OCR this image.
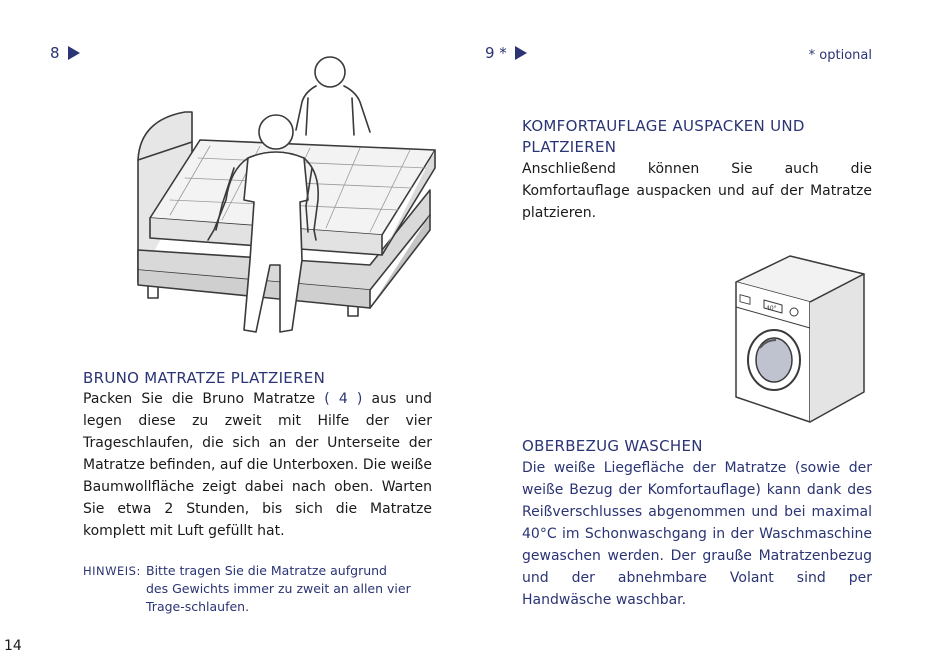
8
BRUNO MATRATZE PLATZIEREN
Packen Sie die Bruno Matratze ( 4 ) aus und legen diese zu zweit mit Hilfe der vier Trageschlaufen, die sich an der Unterseite der Matratze befinden, auf die Unterboxen. Die weiße Baumwollfläche zeigt dabei nach oben. Warten Sie etwa 2 Stunden, bis sich die Matratze komplett mit Luft gefüllt hat.
HINWEIS: Bitte tragen Sie die Matratze aufgrund des Gewichts immer zu zweit an allen vier Trage-schlaufen.
14
9 *	* optional
KOMFORTAUFLAGE AUSPACKEN UND PLATZIEREN
Anschließend können Sie auch die Komfortauflage auspacken und auf der Matratze platzieren.
40°
OBERBEZUG WASCHEN
Die weiße Liegefläche der Matratze (sowie der weiße Bezug der Komfortauflage) kann dank des Reißverschlusses abgenommen und bei maximal 40°C im Schonwaschgang in der Waschmaschine gewaschen werden. Der grauße Matratzenbezug und der abnehmbare Volant sind per Handwäsche waschbar.
